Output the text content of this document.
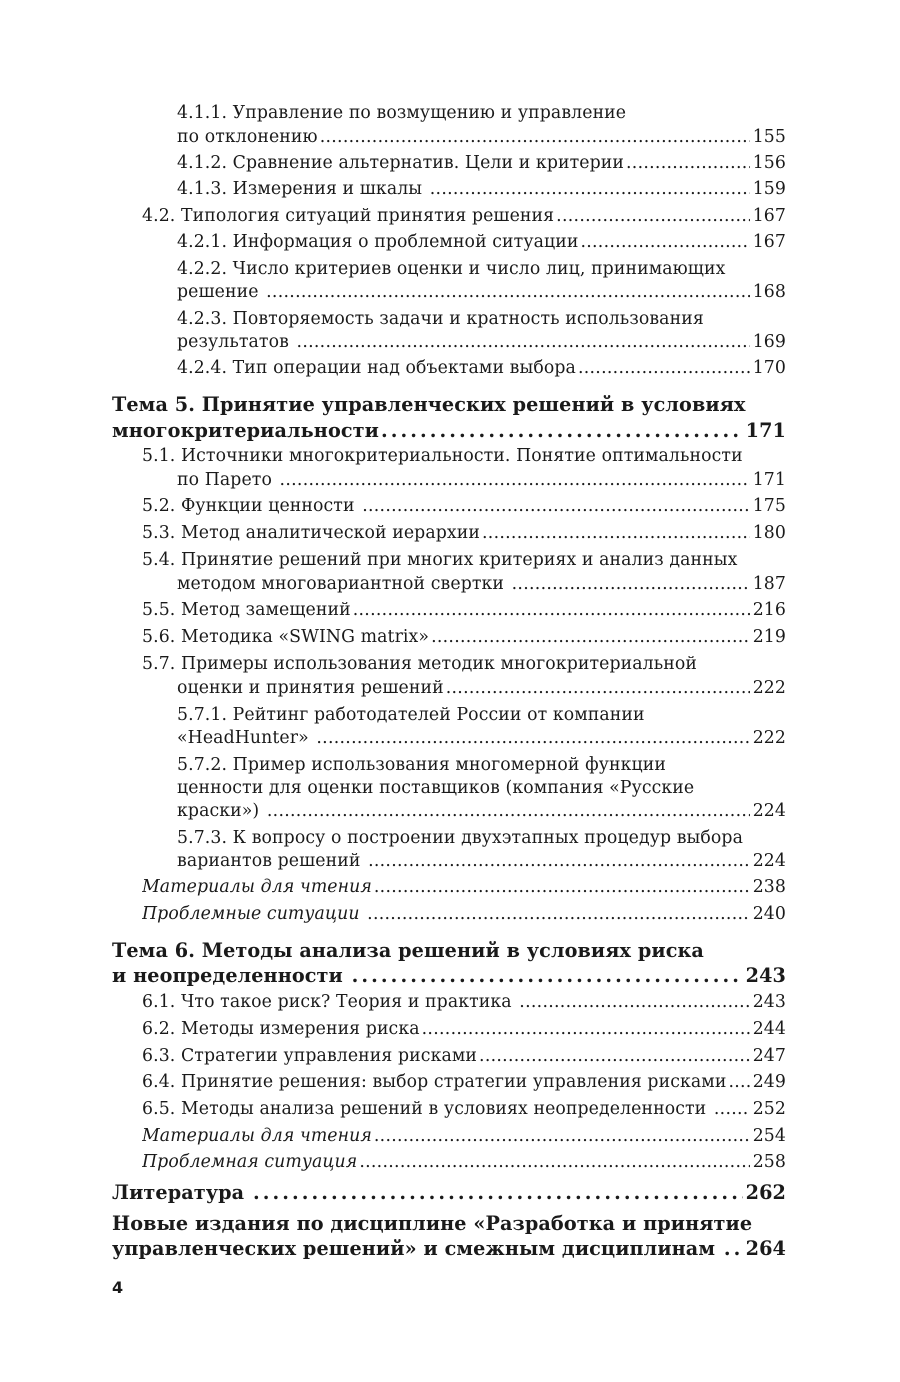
4.1.1. Управление по возмущению и управление
по отклонению . . .	155
4.1.2. Сравнение альтернатив. Цели и критерии . . .	156
4.1.3. Измерения и шкалы . . .	159
4.2. Типология ситуаций принятия решения . . .	167
4.2.1. Информация о проблемной ситуации . . .	167
4.2.2. Число критериев оценки и число лиц, принимающих
решение . . .	168
4.2.3. Повторяемость задачи и кратность использования
результатов . . .	169
4.2.4. Тип операции над объектами выбора . . .	170
Тема 5. Принятие управленческих решений в условиях
многокритериальности . . .	171
5.1. Источники многокритериальности. Понятие оптимальности
по Парето . . .	171
5.2. Функции ценности . . .	175
5.3. Метод аналитической иерархии . . .	180
5.4. Принятие решений при многих критериях и анализ данных
методом многовариантной свертки . . .	187
5.5. Метод замещений . . .	216
5.6. Методика «SWING matrix» . . .	219
5.7. Примеры использования методик многокритериальной
оценки и принятия решений . . .	222
5.7.1. Рейтинг работодателей России от компании
«HeadHunter» . . .	222
5.7.2. Пример использования многомерной функции
ценности для оценки поставщиков (компания «Русские
краски») . . .	224
5.7.3. К вопросу о построении двухэтапных процедур выбора
вариантов решений . . .	224
Материалы для чтения . . .	238
Проблемные ситуации . . .	240
Тема 6. Методы анализа решений в условиях риска
и неопределенности . . .	243
6.1. Что такое риск? Теория и практика . . .	243
6.2. Методы измерения риска . . .	244
6.3. Стратегии управления рисками . . .	247
6.4. Принятие решения: выбор стратегии управления рисками . . . 249
6.5. Методы анализа решений в условиях неопределенности . . . 252
Материалы для чтения . . .	254
Проблемная ситуация . . .	258
Литература . . .	262
Новые издания по дисциплине «Разработка и принятие
управленческих решений» и смежным дисциплинам . . . 264
4
